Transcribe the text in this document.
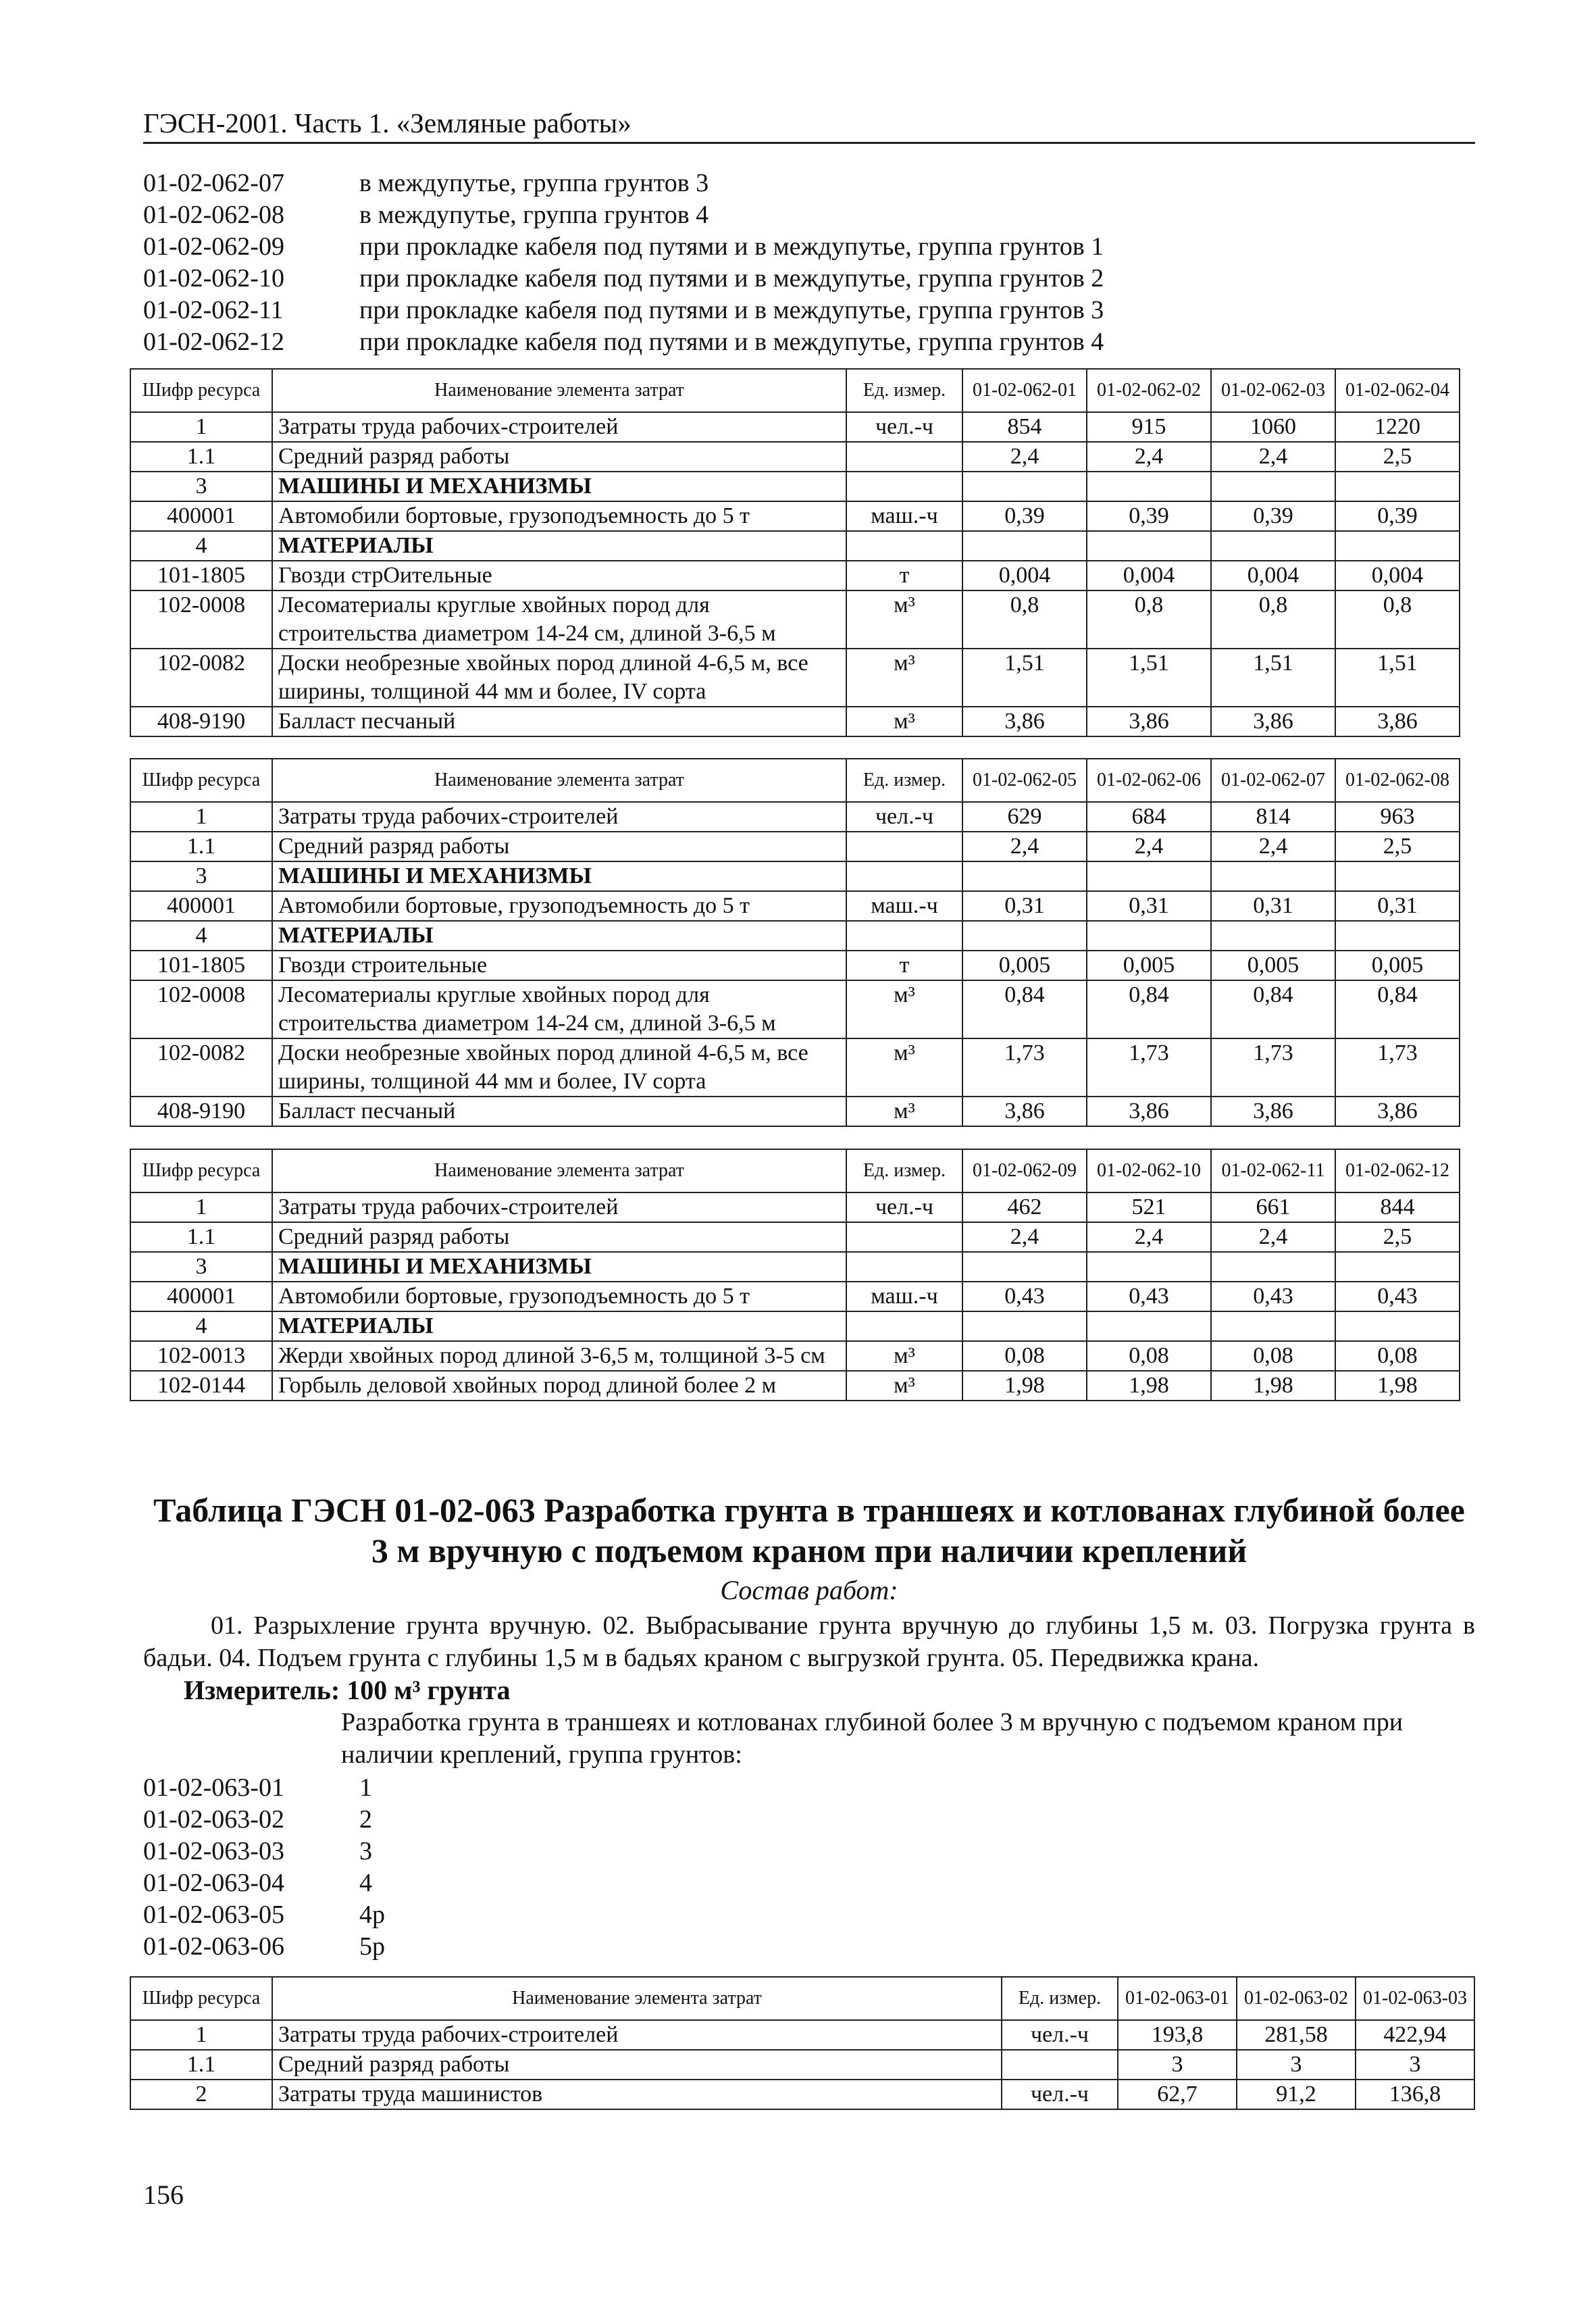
ГЭСН-2001. Часть 1. «Земляные работы»
01-02-062-07	в междупутье, группа грунтов 3
01-02-062-08	в междупутье, группа грунтов 4
01-02-062-09	при прокладке кабеля под путями и в междупутье, группа грунтов 1
01-02-062-10	при прокладке кабеля под путями и в междупутье, группа грунтов 2
01-02-062-11	при прокладке кабеля под путями и в междупутье, группа грунтов 3
01-02-062-12	при прокладке кабеля под путями и в междупутье, группа грунтов 4
Шифр ресурса	Наименование элемента затрат	Ед. измер.	01-02-062-01	01-02-062-02	01-02-062-03	01-02-062-04
1	Затраты труда рабочих-строителей	чел.-ч	854	915	1060	1220
1.1	Средний разряд работы		2,4	2,4	2,4	2,5
3	МАШИНЫ И МЕХАНИЗМЫ					
400001	Автомобили бортовые, грузоподъемность до 5 т	маш.-ч	0,39	0,39	0,39	0,39
4	МАТЕРИАЛЫ					
101-1805	Гвозди стрОительные	т	0,004	0,004	0,004	0,004
102-0008	Лесоматериалы круглые хвойных пород для строительства диаметром 14-24 см, длиной 3-6,5 м	м³	0,8	0,8	0,8	0,8
102-0082	Доски необрезные хвойных пород длиной 4-6,5 м, все ширины, толщиной 44 мм и более, IV сорта	м³	1,51	1,51	1,51	1,51
408-9190	Балласт песчаный	м³	3,86	3,86	3,86	3,86
Шифр ресурса	Наименование элемента затрат	Ед. измер.	01-02-062-05	01-02-062-06	01-02-062-07	01-02-062-08
1	Затраты труда рабочих-строителей	чел.-ч	629	684	814	963
1.1	Средний разряд работы		2,4	2,4	2,4	2,5
3	МАШИНЫ И МЕХАНИЗМЫ					
400001	Автомобили бортовые, грузоподъемность до 5 т	маш.-ч	0,31	0,31	0,31	0,31
4	МАТЕРИАЛЫ					
101-1805	Гвозди строительные	т	0,005	0,005	0,005	0,005
102-0008	Лесоматериалы круглые хвойных пород для строительства диаметром 14-24 см, длиной 3-6,5 м	м³	0,84	0,84	0,84	0,84
102-0082	Доски необрезные хвойных пород длиной 4-6,5 м, все ширины, толщиной 44 мм и более, IV сорта	м³	1,73	1,73	1,73	1,73
408-9190	Балласт песчаный	м³	3,86	3,86	3,86	3,86
Шифр ресурса	Наименование элемента затрат	Ед. измер.	01-02-062-09	01-02-062-10	01-02-062-11	01-02-062-12
1	Затраты труда рабочих-строителей	чел.-ч	462	521	661	844
1.1	Средний разряд работы		2,4	2,4	2,4	2,5
3	МАШИНЫ И МЕХАНИЗМЫ					
400001	Автомобили бортовые, грузоподъемность до 5 т	маш.-ч	0,43	0,43	0,43	0,43
4	МАТЕРИАЛЫ					
102-0013	Жерди хвойных пород длиной 3-6,5 м, толщиной 3-5 см	м³	0,08	0,08	0,08	0,08
102-0144	Горбыль деловой хвойных пород длиной более 2 м	м³	1,98	1,98	1,98	1,98
Таблица ГЭСН 01-02-063 Разработка грунта в траншеях и котлованах глубиной более 3 м вручную с подъемом краном при наличии креплений
Состав работ:
01. Разрыхление грунта вручную. 02. Выбрасывание грунта вручную до глубины 1,5 м. 03. Погрузка грунта в бадьи. 04. Подъем грунта с глубины 1,5 м в бадьях краном с выгрузкой грунта. 05. Передвижка крана.
Измеритель: 100 м³ грунта
Разработка грунта в траншеях и котлованах глубиной более 3 м вручную с подъемом краном при наличии креплений, группа грунтов:
01-02-063-01	1
01-02-063-02	2
01-02-063-03	3
01-02-063-04	4
01-02-063-05	4р
01-02-063-06	5р
Шифр ресурса	Наименование элемента затрат	Ед. измер.	01-02-063-01	01-02-063-02	01-02-063-03
1	Затраты труда рабочих-строителей	чел.-ч	193,8	281,58	422,94
1.1	Средний разряд работы		3	3	3
2	Затраты труда машинистов	чел.-ч	62,7	91,2	136,8
156
